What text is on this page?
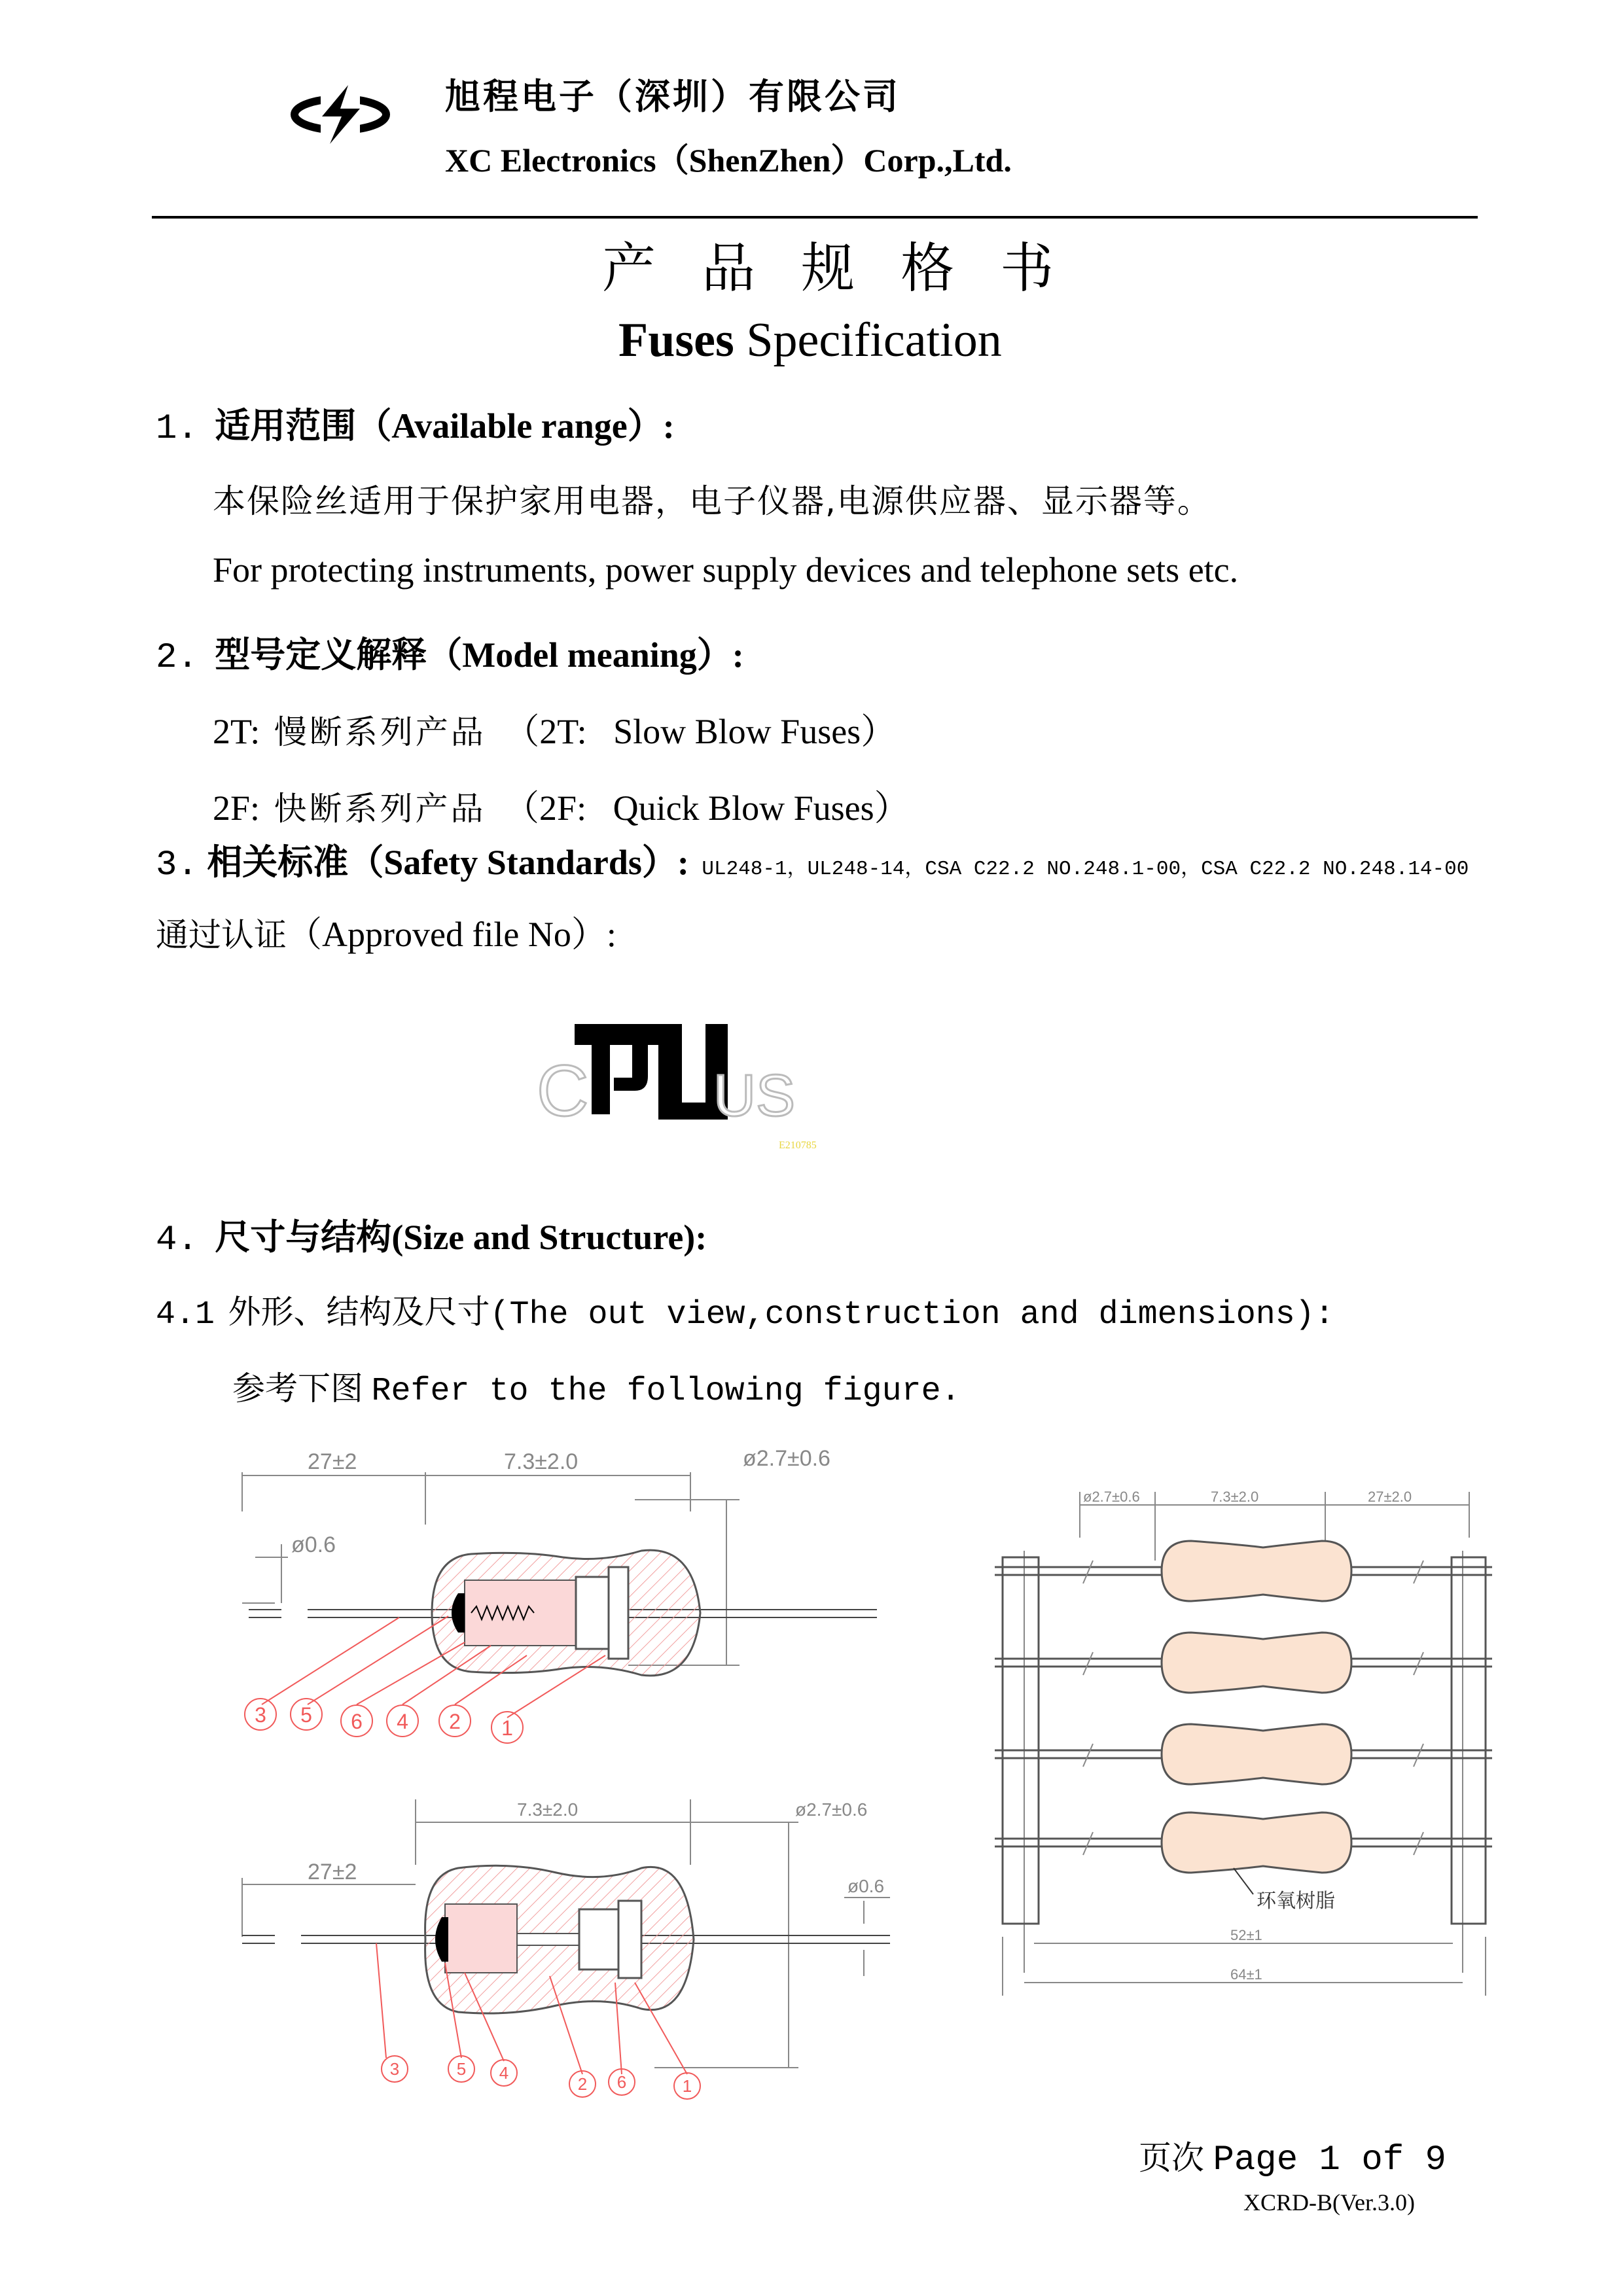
旭程电子（深圳）有限公司
XC Electronics（ShenZhen）Corp.,Ltd.
产 品 规 格 书
Fuses Specification
1. 适用范围（Available range）:
本保险丝适用于保护家用电器，电子仪器,电源供应器、显示器等。
For protecting instruments, power supply devices and telephone sets etc.
2. 型号定义解释（Model meaning）:
2T: 慢断系列产品 （2T:   Slow Blow Fuses）
2F: 快断系列产品 （2F:   Quick Blow Fuses）
3. 相关标准（Safety Standards）: UL248-1，UL248-14，CSA C22.2 NO.248.1-00，CSA C22.2 NO.248.14-00
通过认证（Approved file No）:
C US
E210785
4. 尺寸与结构(Size and Structure):
4.1 外形、结构及尺寸(The out view,construction and dimensions):
参考下图 Refer to the following figure.
27±2	7.3±2.0	ø2.7±0.6
ø0.6
3 5 6 4 2 1
7.3±2.0	ø2.7±0.6
27±2
ø0.6
3	5 4
2 6	1
ø2.7±0.6	7.3±2.0	27±2.0
52±1
64±1
环氧树脂
页次 Page 1 of 9
XCRD-B(Ver.3.0)
